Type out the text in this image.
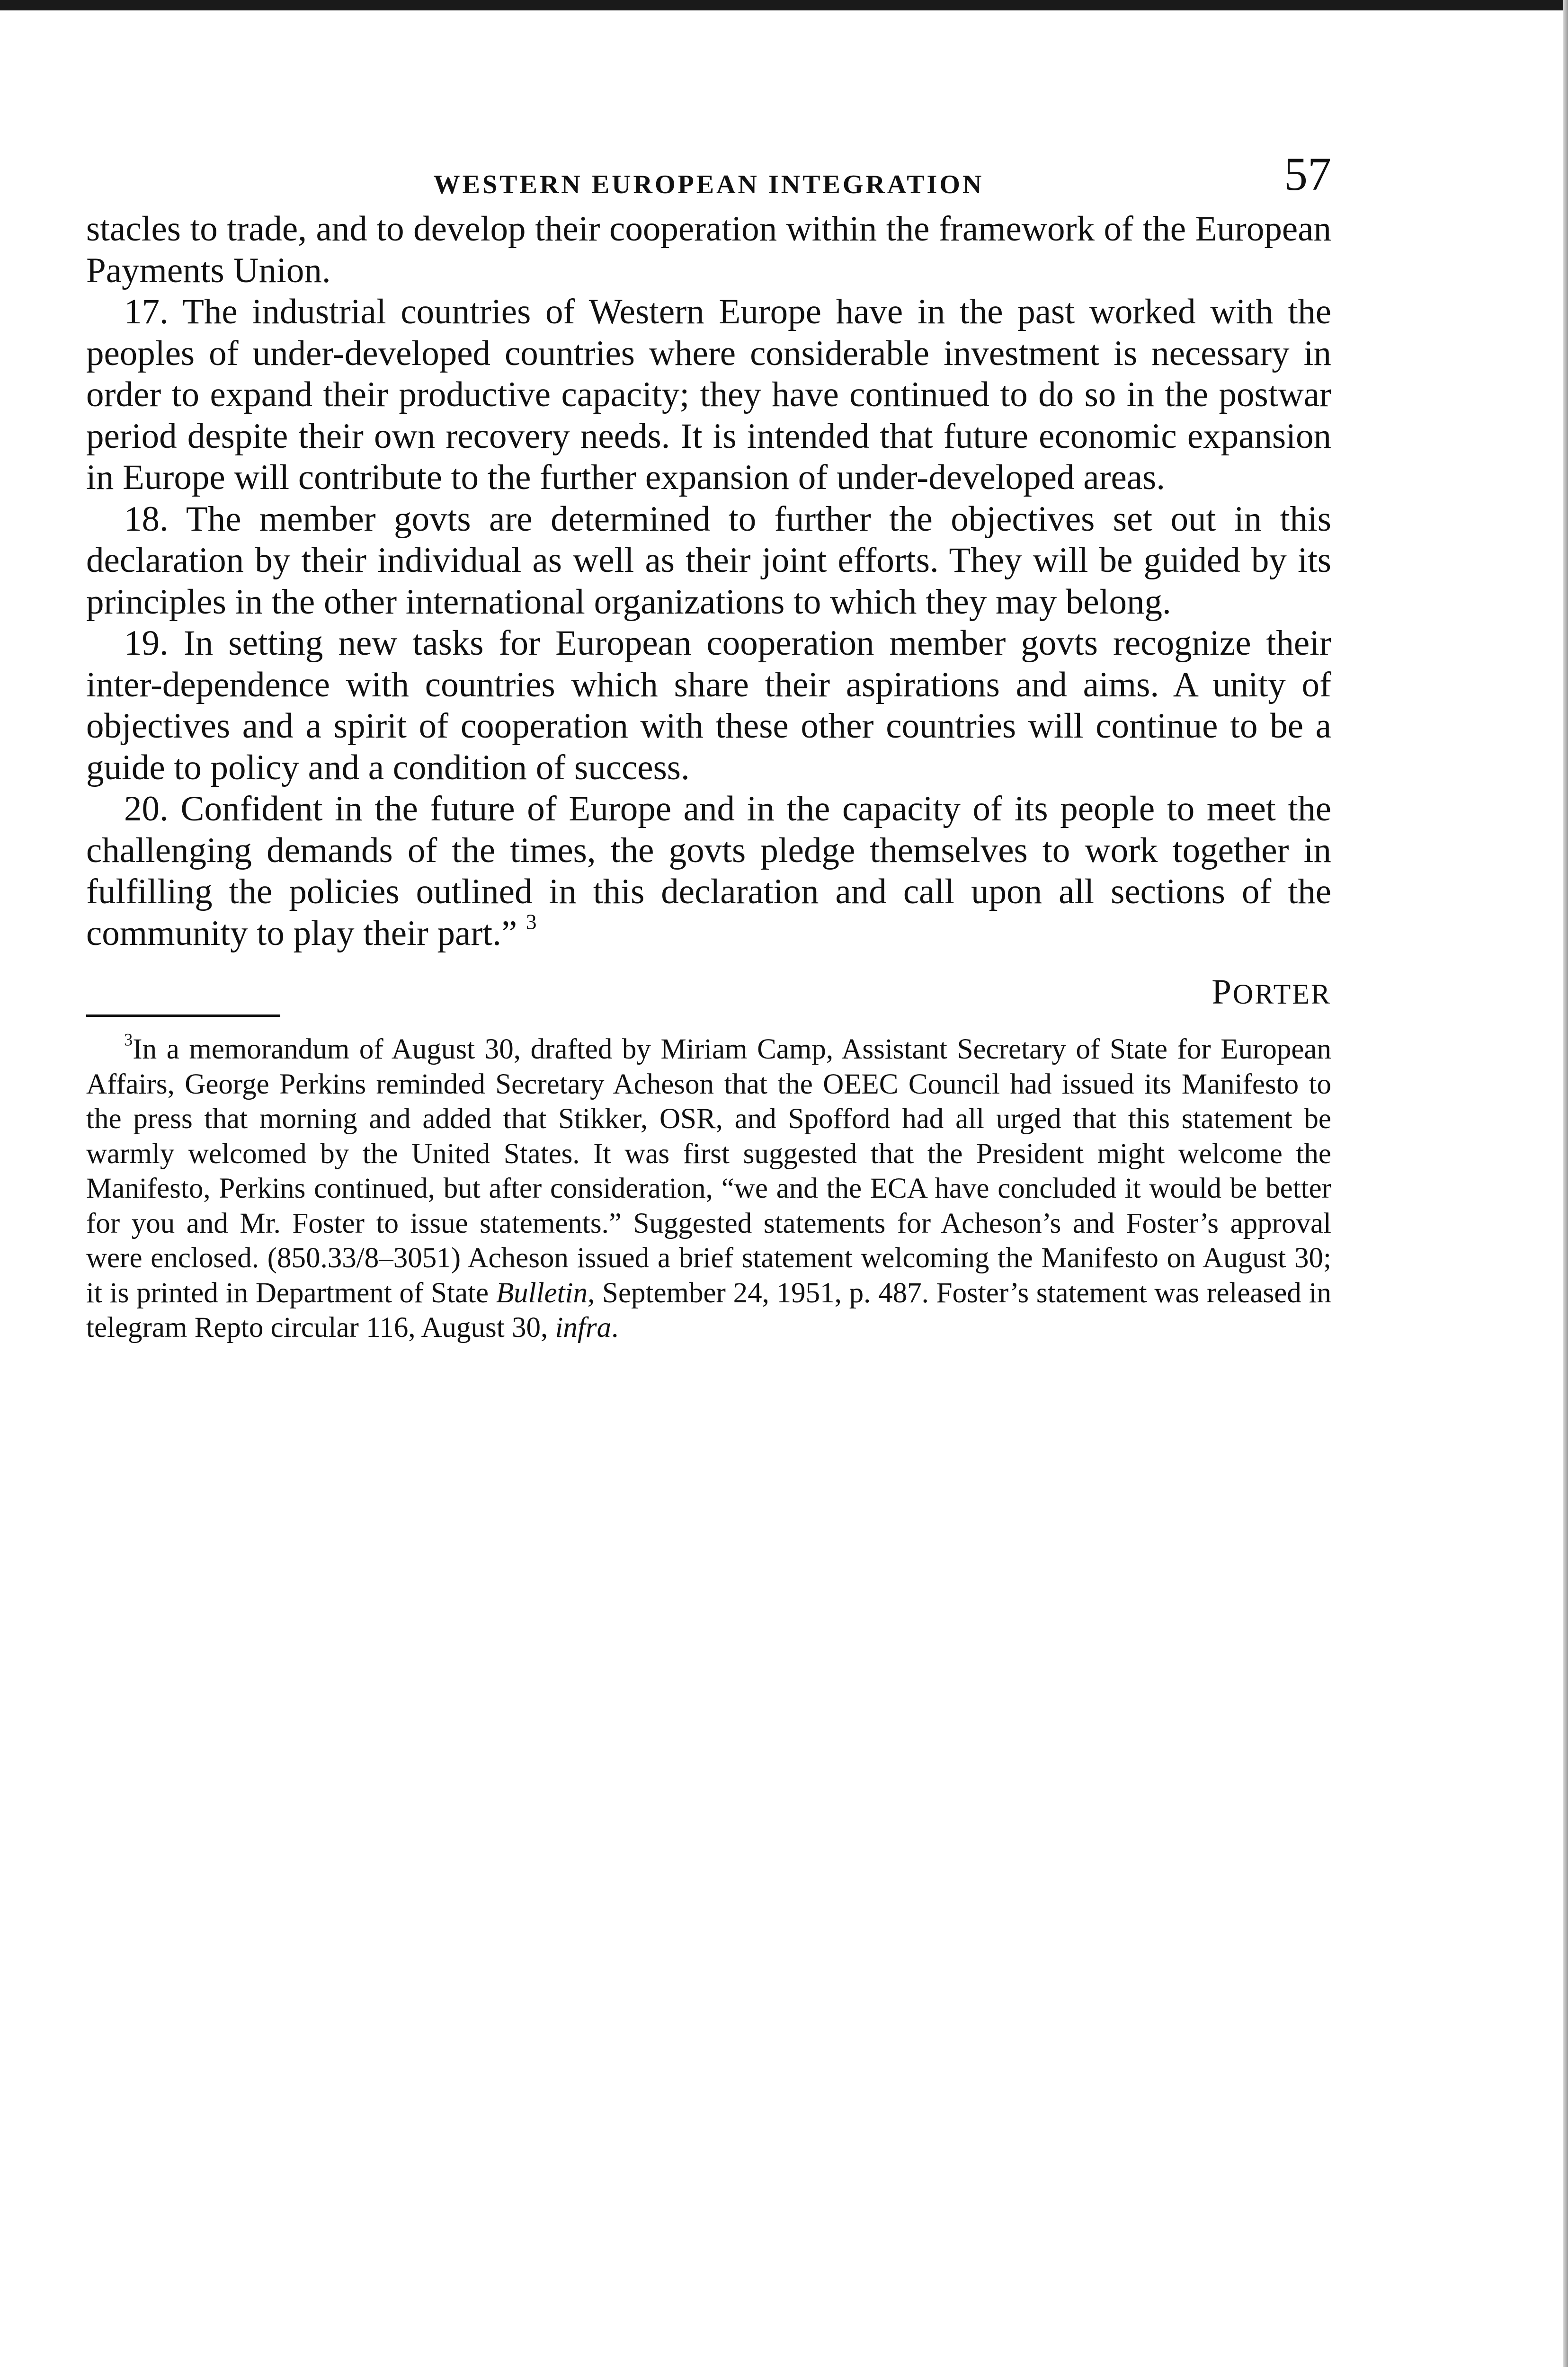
WESTERN EUROPEAN INTEGRATION	57

stacles to trade, and to develop their cooperation within the framework of the European Payments Union.

17. The industrial countries of Western Europe have in the past worked with the peoples of under-developed countries where considerable investment is necessary in order to expand their productive capacity; they have continued to do so in the postwar period despite their own recovery needs. It is intended that future economic expansion in Europe will contribute to the further expansion of under-developed areas.

18. The member govts are determined to further the objectives set out in this declaration by their individual as well as their joint efforts. They will be guided by its principles in the other international organizations to which they may belong.

19. In setting new tasks for European cooperation member govts recognize their inter-dependence with countries which share their aspirations and aims. A unity of objectives and a spirit of cooperation with these other countries will continue to be a guide to policy and a condition of success.

20. Confident in the future of Europe and in the capacity of its people to meet the challenging demands of the times, the govts pledge themselves to work together in fulfilling the policies outlined in this declaration and call upon all sections of the community to play their part.” $^3$

PORTER
$^3$In a memorandum of August 30, drafted by Miriam Camp, Assistant Secretary of State for European Affairs, George Perkins reminded Secretary Acheson that the OEEC Council had issued its Manifesto to the press that morning and added that Stikker, OSR, and Spofford had all urged that this statement be warmly welcomed by the United States. It was first suggested that the President might welcome the Manifesto, Perkins continued, but after consideration, “we and the ECA have concluded it would be better for you and Mr. Foster to issue statements.” Suggested statements for Acheson’s and Foster’s approval were enclosed. (850.33/8–3051) Acheson issued a brief statement welcoming the Manifesto on August 30; it is printed in Department of State Bulletin, September 24, 1951, p. 487. Foster’s statement was released in telegram Repto circular 116, August 30, infra.
